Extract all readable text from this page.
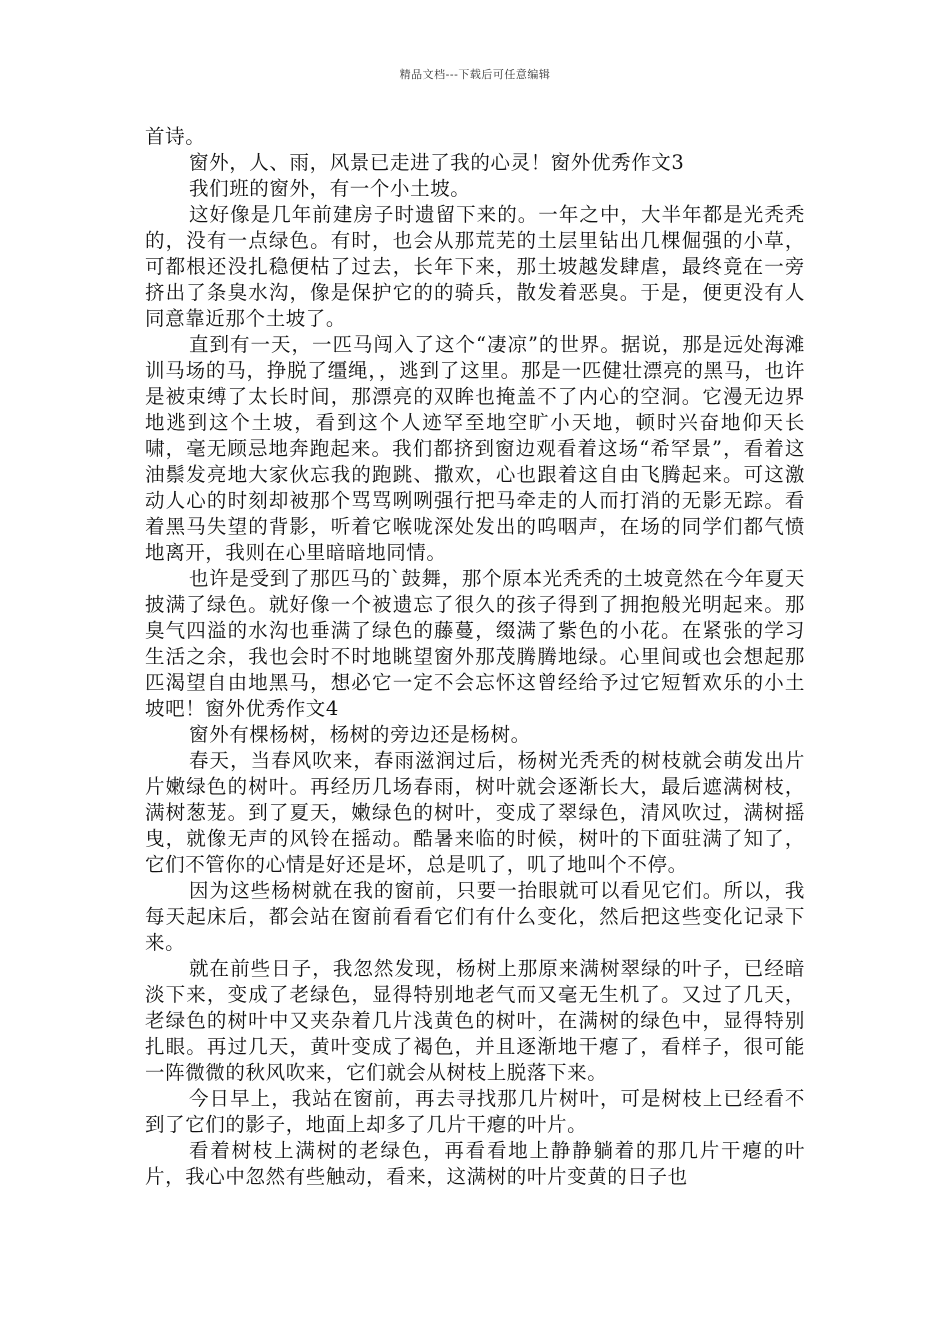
精品文档---下载后可任意编辑

首诗。

窗外，人、雨，风景已走进了我的心灵！窗外优秀作文3

我们班的窗外，有一个小土坡。

这好像是几年前建房子时遗留下来的。一年之中，大半年都是光秃秃的，没有一点绿色。有时，也会从那荒芜的土层里钻出几棵倔强的小草，可都根还没扎稳便枯了过去，长年下来，那土坡越发肆虐，最终竟在一旁挤出了条臭水沟，像是保护它的的骑兵，散发着恶臭。于是，便更没有人同意靠近那个土坡了。

直到有一天，一匹马闯入了这个“凄凉”的世界。据说，那是远处海滩训马场的马，挣脱了缰绳，，逃到了这里。那是一匹健壮漂亮的黑马，也许是被束缚了太长时间，那漂亮的双眸也掩盖不了内心的空洞。它漫无边界地逃到这个土坡，看到这个人迹罕至地空旷小天地，顿时兴奋地仰天长啸，毫无顾忌地奔跑起来。我们都挤到窗边观看着这场“希罕景”，看着这油鬃发亮地大家伙忘我的跑跳、撒欢，心也跟着这自由飞腾起来。可这激动人心的时刻却被那个骂骂咧咧强行把马牵走的人而打消的无影无踪。看着黑马失望的背影，听着它喉咙深处发出的呜咽声，在场的同学们都气愤地离开，我则在心里暗暗地同情。

也许是受到了那匹马的`鼓舞，那个原本光秃秃的土坡竟然在今年夏天披满了绿色。就好像一个被遗忘了很久的孩子得到了拥抱般光明起来。那臭气四溢的水沟也垂满了绿色的藤蔓，缀满了紫色的小花。在紧张的学习生活之余，我也会时不时地眺望窗外那茂腾腾地绿。心里间或也会想起那匹渴望自由地黑马，想必它一定不会忘怀这曾经给予过它短暂欢乐的小土坡吧！窗外优秀作文4

窗外有棵杨树，杨树的旁边还是杨树。

春天，当春风吹来，春雨滋润过后，杨树光秃秃的树枝就会萌发出片片嫩绿色的树叶。再经历几场春雨，树叶就会逐渐长大，最后遮满树枝，满树葱茏。到了夏天，嫩绿色的树叶，变成了翠绿色，清风吹过，满树摇曳，就像无声的风铃在摇动。酷暑来临的时候，树叶的下面驻满了知了，它们不管你的心情是好还是坏，总是叽了，叽了地叫个不停。

因为这些杨树就在我的窗前，只要一抬眼就可以看见它们。所以，我每天起床后，都会站在窗前看看它们有什么变化，然后把这些变化记录下来。

就在前些日子，我忽然发现，杨树上那原来满树翠绿的叶子，已经暗淡下来，变成了老绿色，显得特别地老气而又毫无生机了。又过了几天，老绿色的树叶中又夹杂着几片浅黄色的树叶，在满树的绿色中，显得特别扎眼。再过几天，黄叶变成了褐色，并且逐渐地干瘪了，看样子，很可能一阵微微的秋风吹来，它们就会从树枝上脱落下来。

今日早上，我站在窗前，再去寻找那几片树叶，可是树枝上已经看不到了它们的影子，地面上却多了几片干瘪的叶片。

看着树枝上满树的老绿色，再看看地上静静躺着的那几片干瘪的叶片，我心中忽然有些触动，看来，这满树的叶片变黄的日子也
